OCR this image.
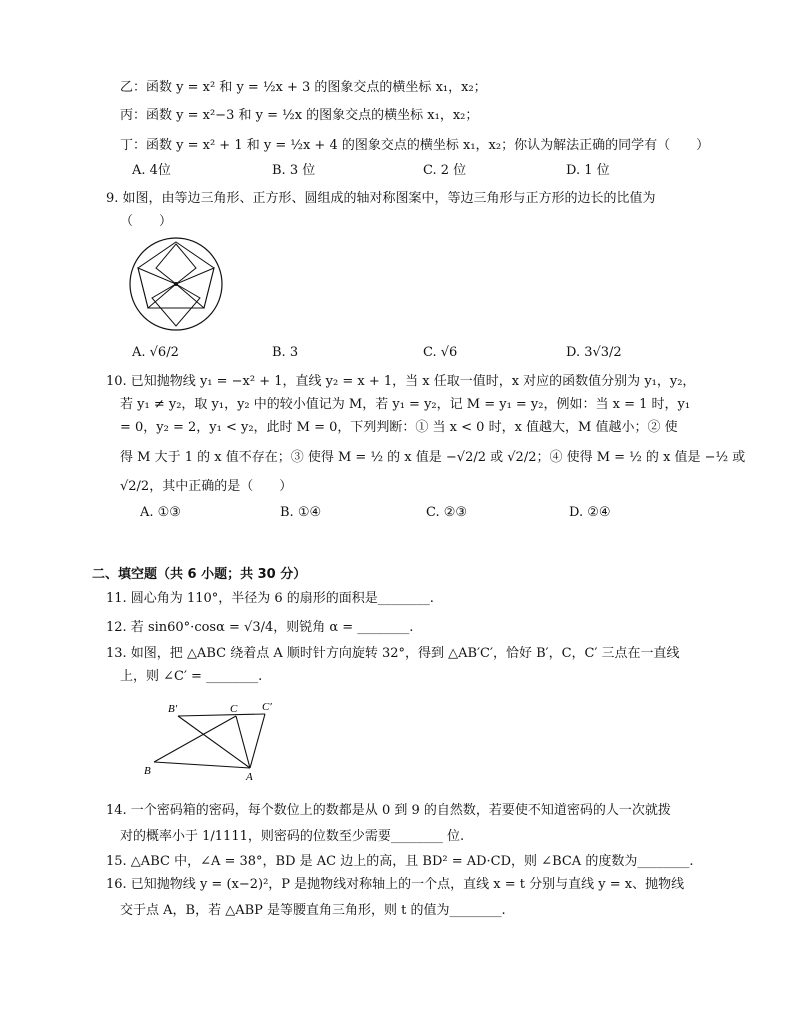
乙：函数 y = x² 和 y = ½x + 3 的图象交点的横坐标 x₁，x₂；
丙：函数 y = x²−3 和 y = ½x 的图象交点的横坐标 x₁，x₂；
丁：函数 y = x² + 1 和 y = ½x + 4 的图象交点的横坐标 x₁，x₂；你认为解法正确的同学有（　　）
A. 4位	B. 3 位	C. 2 位	D. 1 位
9. 如图，由等边三角形、正方形、圆组成的轴对称图案中，等边三角形与正方形的边长的比值为
（　　）
A. √6/2	B. 3	C. √6	D. 3√3/2
10. 已知抛物线 y₁ = −x² + 1，直线 y₂ = x + 1，当 x 任取一值时，x 对应的函数值分别为 y₁，y₂，
若 y₁ ≠ y₂，取 y₁，y₂ 中的较小值记为 M，若 y₁ = y₂，记 M = y₁ = y₂，例如：当 x = 1 时，y₁
= 0，y₂ = 2，y₁ < y₂，此时 M = 0，下列判断：① 当 x < 0 时，x 值越大，M 值越小；② 使
得 M 大于 1 的 x 值不存在；③ 使得 M = ½ 的 x 值是 −√2/2 或 √2/2；④ 使得 M = ½ 的 x 值是 −½ 或
√2/2，其中正确的是（　　）
A. ①③	B. ①④	C. ②③	D. ②④
二、填空题（共 6 小题；共 30 分）
11. 圆心角为 110°，半径为 6 的扇形的面积是________.
12. 若 sin60°·cosα = √3/4，则锐角 α = ________.
13. 如图，把 △ABC 绕着点 A 顺时针方向旋转 32°，得到 △AB′C′，恰好 B′，C，C′ 三点在一直线
上，则 ∠C′ = ________.
B′	C C′
B	A
14. 一个密码箱的密码，每个数位上的数都是从 0 到 9 的自然数，若要使不知道密码的人一次就拨
对的概率小于 1/1111，则密码的位数至少需要________ 位.
15. △ABC 中，∠A = 38°，BD 是 AC 边上的高，且 BD² = AD·CD，则 ∠BCA 的度数为________.
16. 已知抛物线 y = (x−2)²，P 是抛物线对称轴上的一个点，直线 x = t 分别与直线 y = x、抛物线
交于点 A，B，若 △ABP 是等腰直角三角形，则 t 的值为________.
